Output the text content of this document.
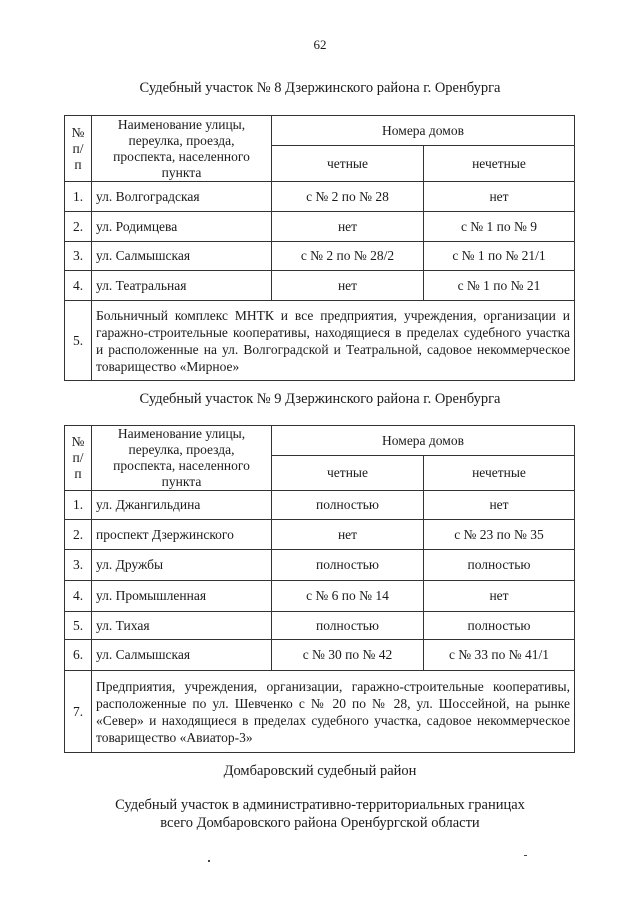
62
Судебный участок № 8 Дзержинского района г. Оренбурга
№ п/п	Наименование улицы, переулка, проезда, проспекта, населенного пункта	Номера домов	
		четные	нечетные
1.	ул. Волгоградская	с № 2 по № 28	нет
2.	ул. Родимцева	нет	с № 1 по № 9
3.	ул. Салмышская	с № 2 по № 28/2	с № 1 по № 21/1
4.	ул. Театральная	нет	с № 1 по № 21
5.	Больничный комплекс МНТК и все предприятия, учреждения, организации и гаражно-строительные кооперативы, находящиеся в пределах судебного участка и расположенные на ул. Волгоградской и Театральной, садовое некоммерческое товарищество «Мирное»		
Судебный участок № 9 Дзержинского района г. Оренбурга
№ п/п	Наименование улицы, переулка, проезда, проспекта, населенного пункта	Номера домов	
		четные	нечетные
1.	ул. Джангильдина	полностью	нет
2.	проспект Дзержинского	нет	с № 23 по № 35
3.	ул. Дружбы	полностью	полностью
4.	ул. Промышленная	с № 6 по № 14	нет
5.	ул. Тихая	полностью	полностью
6.	ул. Салмышская	с № 30 по № 42	с № 33 по № 41/1
7.	Предприятия, учреждения, организации, гаражно-строительные кооперативы, расположенные по ул. Шевченко с № 20 по № 28, ул. Шоссейной, на рынке «Север» и находящиеся в пределах судебного участка, садовое некоммерческое товарищество «Авиатор-3»		
Домбаровский судебный район
Судебный участок в административно-территориальных границах
всего Домбаровского района Оренбургской области
